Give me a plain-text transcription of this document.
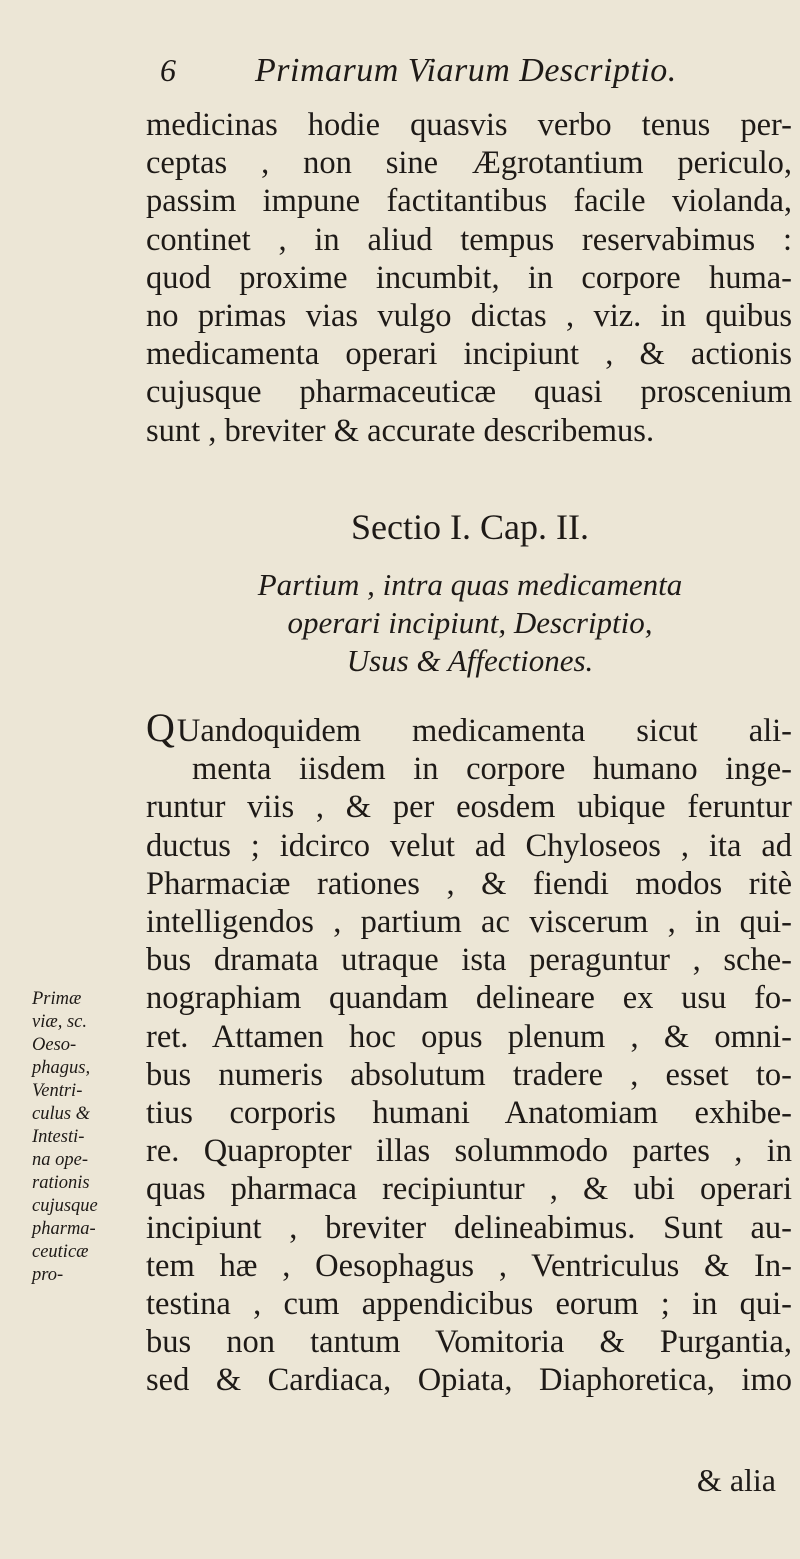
6 Primarum Viarum Descriptio.
medicinas hodie quasvis verbo tenus per-
ceptas , non sine Ægrotantium periculo,
passim impune factitantibus facile violanda,
continet , in aliud tempus reservabimus :
quod proxime incumbit, in corpore huma-
no primas vias vulgo dictas , viz. in quibus
medicamenta operari incipiunt , & actionis
cujusque pharmaceuticæ quasi proscenium
sunt , breviter & accurate describemus.
Sectio I. Cap. II.
Partium , intra quas medicamenta
operari incipiunt, Descriptio,
Usus & Affectiones.
QUandoquidem medicamenta sicut ali-
menta iisdem in corpore humano inge-
runtur viis , & per eosdem ubique feruntur
ductus ; idcirco velut ad Chyloseos , ita ad
Pharmaciæ rationes , & fiendi modos ritè
intelligendos , partium ac viscerum , in qui-
bus dramata utraque ista peraguntur , sche-
nographiam quandam delineare ex usu fo-
ret. Attamen hoc opus plenum , & omni-
bus numeris absolutum tradere , esset to-
tius corporis humani Anatomiam exhibe-
re. Quapropter illas solummodo partes , in
quas pharmaca recipiuntur , & ubi operari
incipiunt , breviter delineabimus. Sunt au-
tem hæ , Oesophagus , Ventriculus & In-
testina , cum appendicibus eorum ; in qui-
bus non tantum Vomitoria & Purgantia,
sed & Cardiaca, Opiata, Diaphoretica, imo
& alia
Primæ
viæ, sc.
Oeso-
phagus,
Ventri-
culus &
Intesti-
na ope-
rationis
cujusque
pharma-
ceuticæ
pro-
